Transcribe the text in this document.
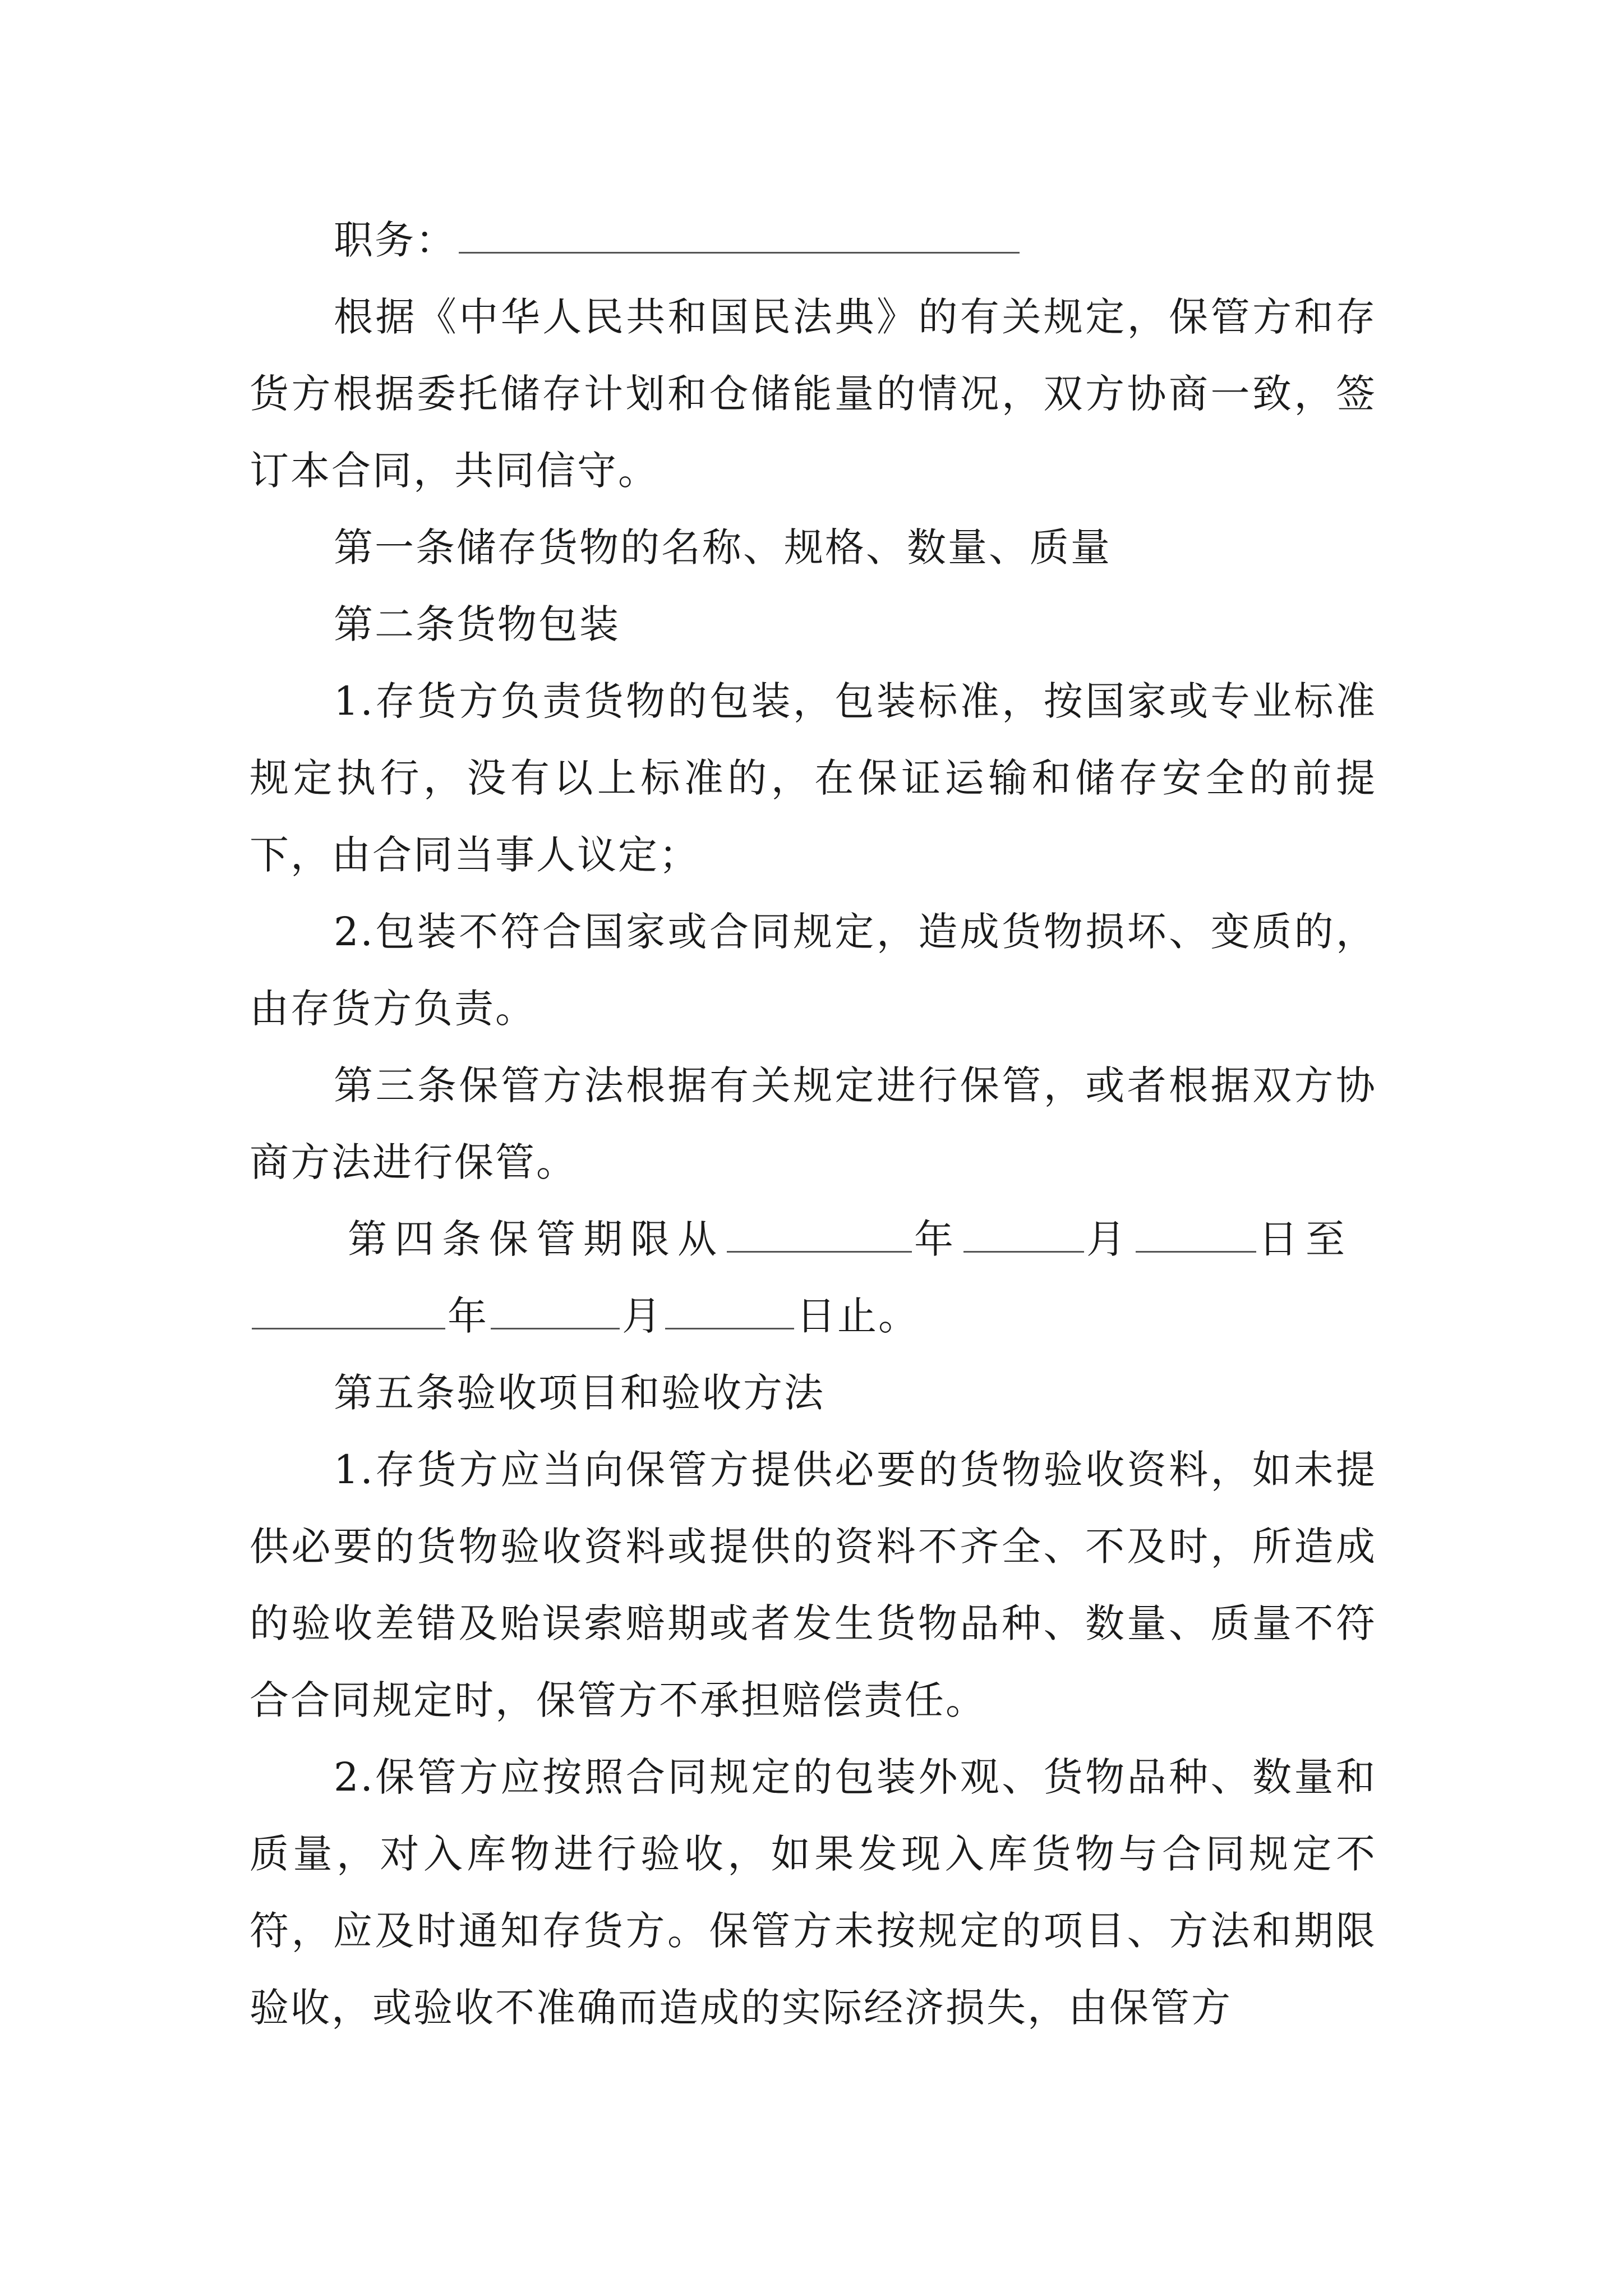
职务：

根据《中华人民共和国民法典》的有关规定，保管方和存货方根据委托储存计划和仓储能量的情况，双方协商一致，签订本合同，共同信守。

第一条储存货物的名称、规格、数量、质量

第二条货物包装

1.存货方负责货物的包装，包装标准，按国家或专业标准规定执行，没有以上标准的，在保证运输和储存安全的前提下，由合同当事人议定；

2.包装不符合国家或合同规定，造成货物损坏、变质的，由存货方负责。

第三条保管方法根据有关规定进行保管，或者根据双方协商方法进行保管。

第四条保管期限从	年	月	日至

年	月	日止。

第五条验收项目和验收方法

1.存货方应当向保管方提供必要的货物验收资料，如未提供必要的货物验收资料或提供的资料不齐全、不及时，所造成的验收差错及贻误索赔期或者发生货物品种、数量、质量不符合合同规定时，保管方不承担赔偿责任。

2.保管方应按照合同规定的包装外观、货物品种、数量和质量，对入库物进行验收，如果发现入库货物与合同规定不符，应及时通知存货方。保管方未按规定的项目、方法和期限验收，或验收不准确而造成的实际经济损失，由保管方
